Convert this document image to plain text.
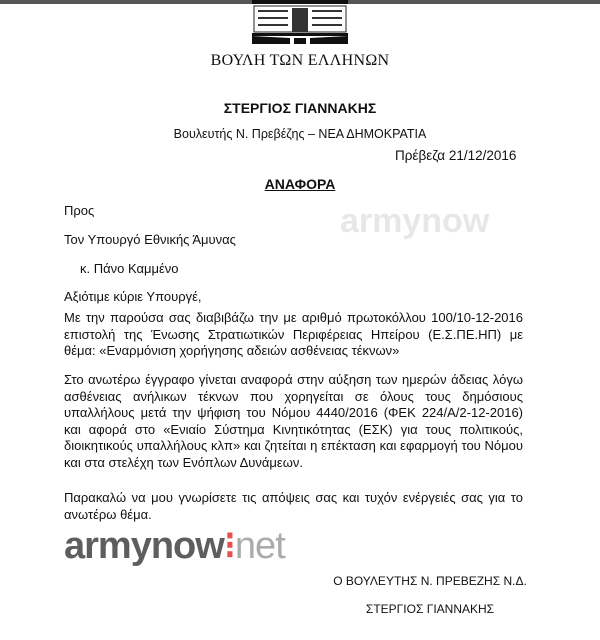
ΒΟΥΛΗ ΤΩΝ ΕΛΛΗΝΩΝ
ΣΤΕΡΓΙΟΣ ΓΙΑΝΝΑΚΗΣ
Βουλευτής Ν. Πρεβέζης – ΝΕΑ ΔΗΜΟΚΡΑΤΙΑ
Πρέβεζα 21/12/2016
ΑΝΑΦΟΡΑ
Προς
Τον Υπουργό Εθνικής Άμυνας
κ. Πάνο Καμμένο
Αξιότιμε κύριε Υπουργέ,
Με την παρούσα σας διαβιβάζω την με αριθμό πρωτοκόλλου 100/10-12-2016 επιστολή της Ένωσης Στρατιωτικών Περιφέρειας Ηπείρου (Ε.Σ.ΠΕ.ΗΠ) με θέμα: «Εναρμόνιση χορήγησης αδειών ασθένειας τέκνων»
Στο ανωτέρω έγγραφο γίνεται αναφορά στην αύξηση των ημερών άδειας λόγω ασθένειας ανήλικων τέκνων που χορηγείται σε όλους τους δημόσιους υπαλλήλους μετά την ψήφιση του Νόμου 4440/2016 (ΦΕΚ 224/Α/2-12-2016) και αφορά στο «Ενιαίο Σύστημα Κινητικότητας (ΕΣΚ) για τους πολιτικούς, διοικητικούς υπαλλήλους κλπ» και ζητείται η επέκταση και εφαρμογή του Νόμου και στα στελέχη των Ενόπλων Δυνάμεων.
Παρακαλώ να μου γνωρίσετε τις απόψεις σας και τυχόν ενέργειές σας για το ανωτέρω θέμα.
Ο ΒΟΥΛΕΥΤΗΣ Ν. ΠΡΕΒΕΖΗΣ Ν.Δ.
ΣΤΕΡΓΙΟΣ ΓΙΑΝΝΑΚΗΣ
armynow⁝net
armynow
